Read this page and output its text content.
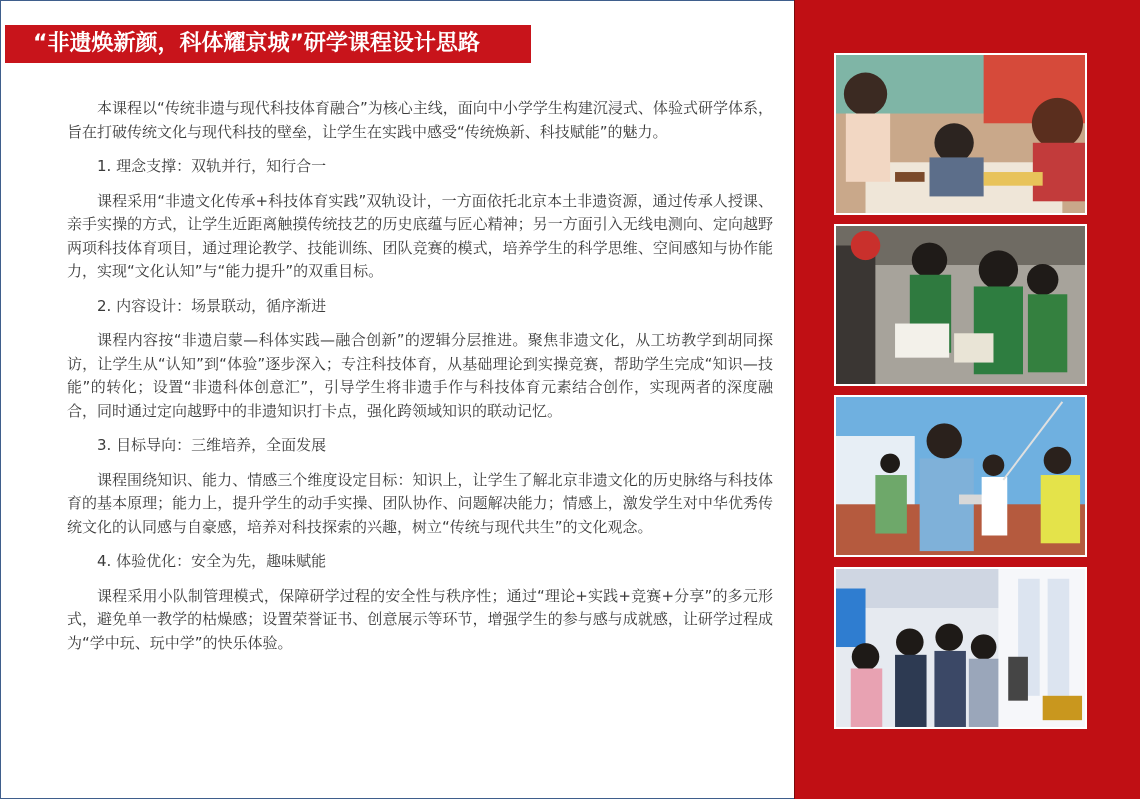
“非遗焕新颜，科体耀京城”研学课程设计思路

本课程以“传统非遗与现代科技体育融合”为核心主线，面向中小学学生构建沉浸式、体验式研学体系，旨在打破传统文化与现代科技的壁垒，让学生在实践中感受“传统焕新、科技赋能”的魅力。

1. 理念支撑：双轨并行，知行合一

课程采用“非遗文化传承+科技体育实践”双轨设计，一方面依托北京本土非遗资源，通过传承人授课、亲手实操的方式，让学生近距离触摸传统技艺的历史底蕴与匠心精神；另一方面引入无线电测向、定向越野两项科技体育项目，通过理论教学、技能训练、团队竞赛的模式，培养学生的科学思维、空间感知与协作能力，实现“文化认知”与“能力提升”的双重目标。

2. 内容设计：场景联动，循序渐进

课程内容按“非遗启蒙—科体实践—融合创新”的逻辑分层推进。聚焦非遗文化，从工坊教学到胡同探访，让学生从“认知”到“体验”逐步深入；专注科技体育，从基础理论到实操竞赛，帮助学生完成“知识—技能”的转化；设置“非遗科体创意汇”，引导学生将非遗手作与科技体育元素结合创作，实现两者的深度融合，同时通过定向越野中的非遗知识打卡点，强化跨领域知识的联动记忆。

3. 目标导向：三维培养，全面发展

课程围绕知识、能力、情感三个维度设定目标：知识上，让学生了解北京非遗文化的历史脉络与科技体育的基本原理；能力上，提升学生的动手实操、团队协作、问题解决能力；情感上，激发学生对中华优秀传统文化的认同感与自豪感，培养对科技探索的兴趣，树立“传统与现代共生”的文化观念。

4. 体验优化：安全为先，趣味赋能

课程采用小队制管理模式，保障研学过程的安全性与秩序性；通过“理论+实践+竞赛+分享”的多元形式，避免单一教学的枯燥感；设置荣誉证书、创意展示等环节，增强学生的参与感与成就感，让研学过程成为“学中玩、玩中学”的快乐体验。
